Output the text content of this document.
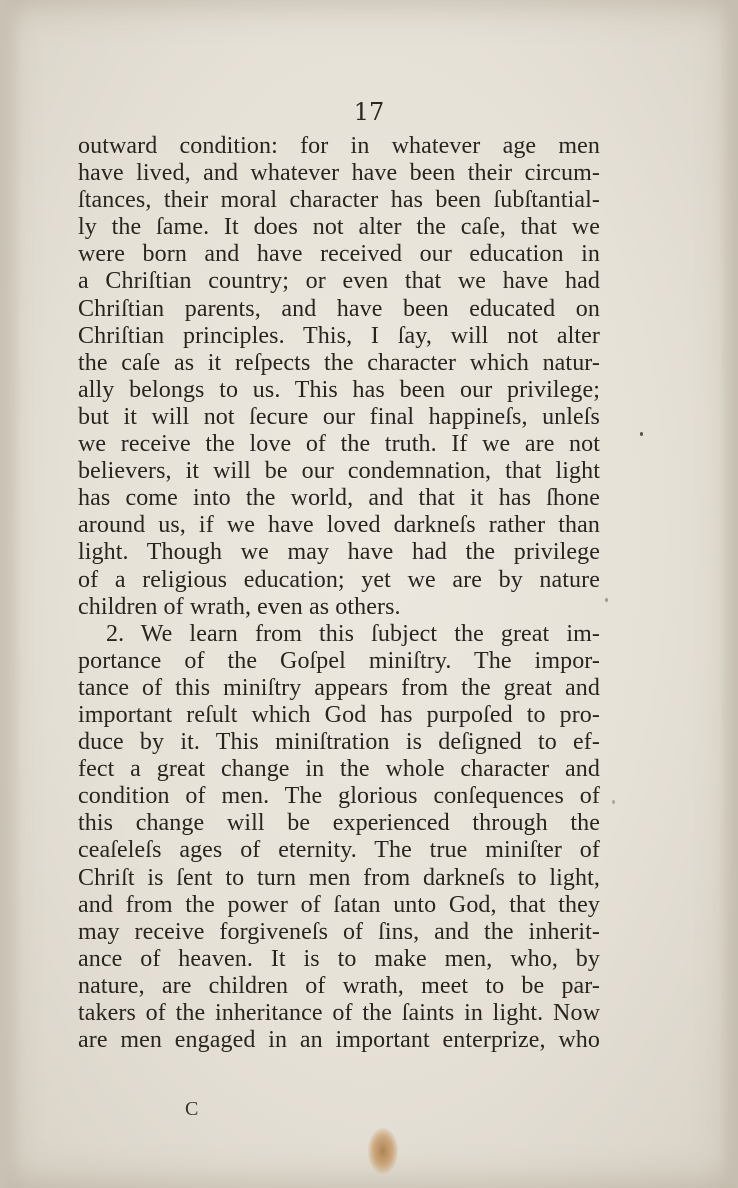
17
outward condition: for in whatever age men
have lived, and whatever have been their circum-
ſtances, their moral character has been ſubſtantial-
ly the ſame. It does not alter the caſe, that we
were born and have received our education in
a Chriſtian country; or even that we have had
Chriſtian parents, and have been educated on
Chriſtian principles. This, I ſay, will not alter
the caſe as it reſpects the character which natur-
ally belongs to us. This has been our privilege;
but it will not ſecure our final happineſs, unleſs
we receive the love of the truth. If we are not
believers, it will be our condemnation, that light
has come into the world, and that it has ſhone
around us, if we have loved darkneſs rather than
light. Though we may have had the privilege
of a religious education; yet we are by nature
children of wrath, even as others.
2. We learn from this ſubject the great im-
portance of the Goſpel miniſtry. The impor-
tance of this miniſtry appears from the great and
important reſult which God has purpoſed to pro-
duce by it. This miniſtration is deſigned to ef-
fect a great change in the whole character and
condition of men. The glorious conſequences of
this change will be experienced through the
ceaſeleſs ages of eternity. The true miniſter of
Chriſt is ſent to turn men from darkneſs to light,
and from the power of ſatan unto God, that they
may receive forgiveneſs of ſins, and the inherit-
ance of heaven. It is to make men, who, by
nature, are children of wrath, meet to be par-
takers of the inheritance of the ſaints in light. Now
are men engaged in an important enterprize, who
C
